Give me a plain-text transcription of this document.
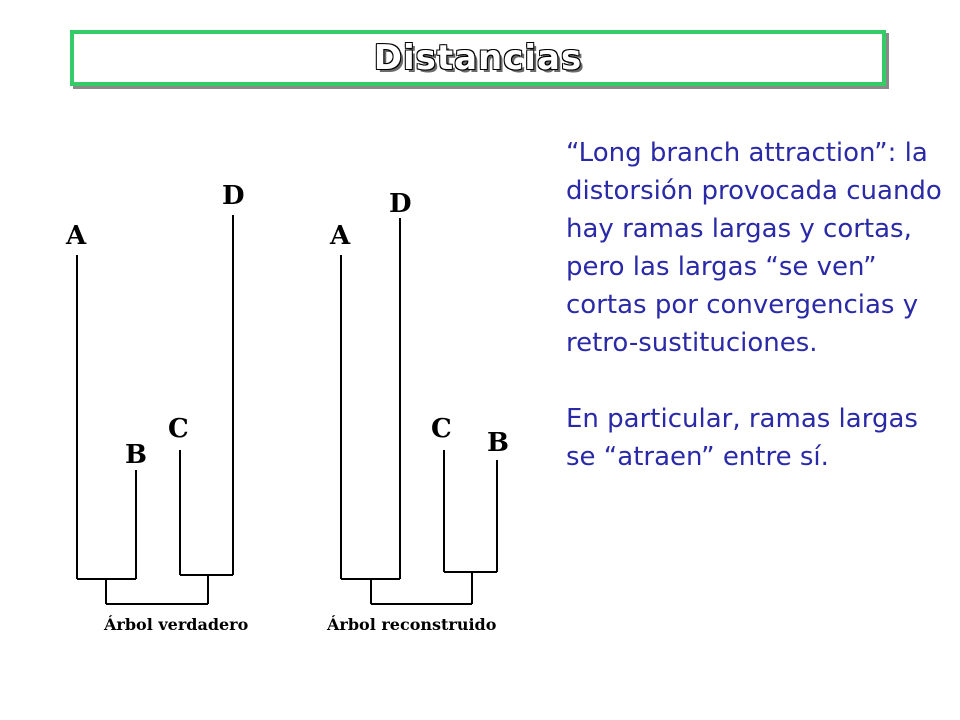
Distancias
A
B
C
D
Árbol verdadero
A
D
C B
Árbol reconstruido

“Long branch attraction”: la distorsión provocada cuando hay ramas largas y cortas, pero las largas “se ven” cortas por convergencias y retro-sustituciones.

En particular, ramas largas se “atraen” entre sí.
